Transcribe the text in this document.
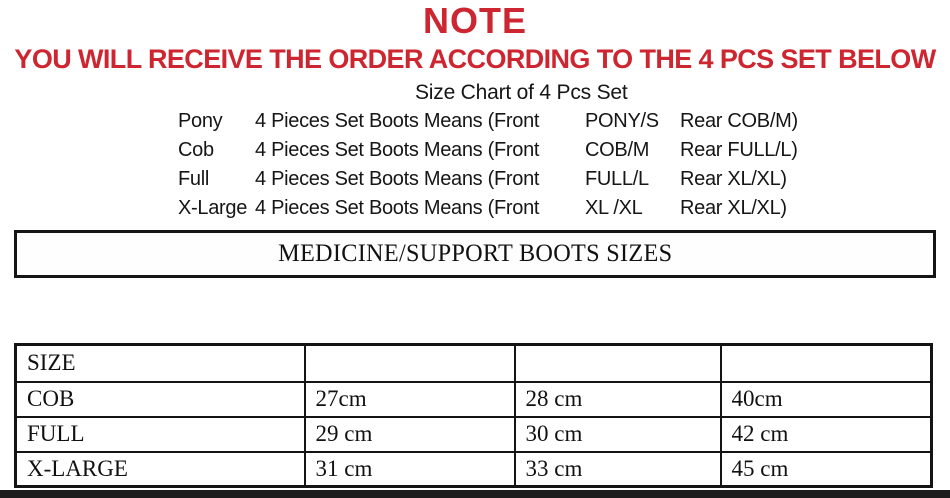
NOTE
YOU WILL RECEIVE THE ORDER ACCORDING TO THE 4 PCS SET BELOW
Size Chart of 4 Pcs Set
Pony	4 Pieces Set Boots Means (Front	PONY/S	Rear COB/M)
Cob	4 Pieces Set Boots Means (Front	COB/M	Rear FULL/L)
Full	4 Pieces Set Boots Means (Front	FULL/L	Rear XL/XL)
X-Large 4 Pieces Set Boots Means (Front	XL /XL	Rear XL/XL)
MEDICINE/SUPPORT BOOTS SIZES
SIZE			
COB	27cm	28 cm	40cm
FULL	29 cm	30 cm	42 cm
X-LARGE	31 cm	33 cm	45 cm
